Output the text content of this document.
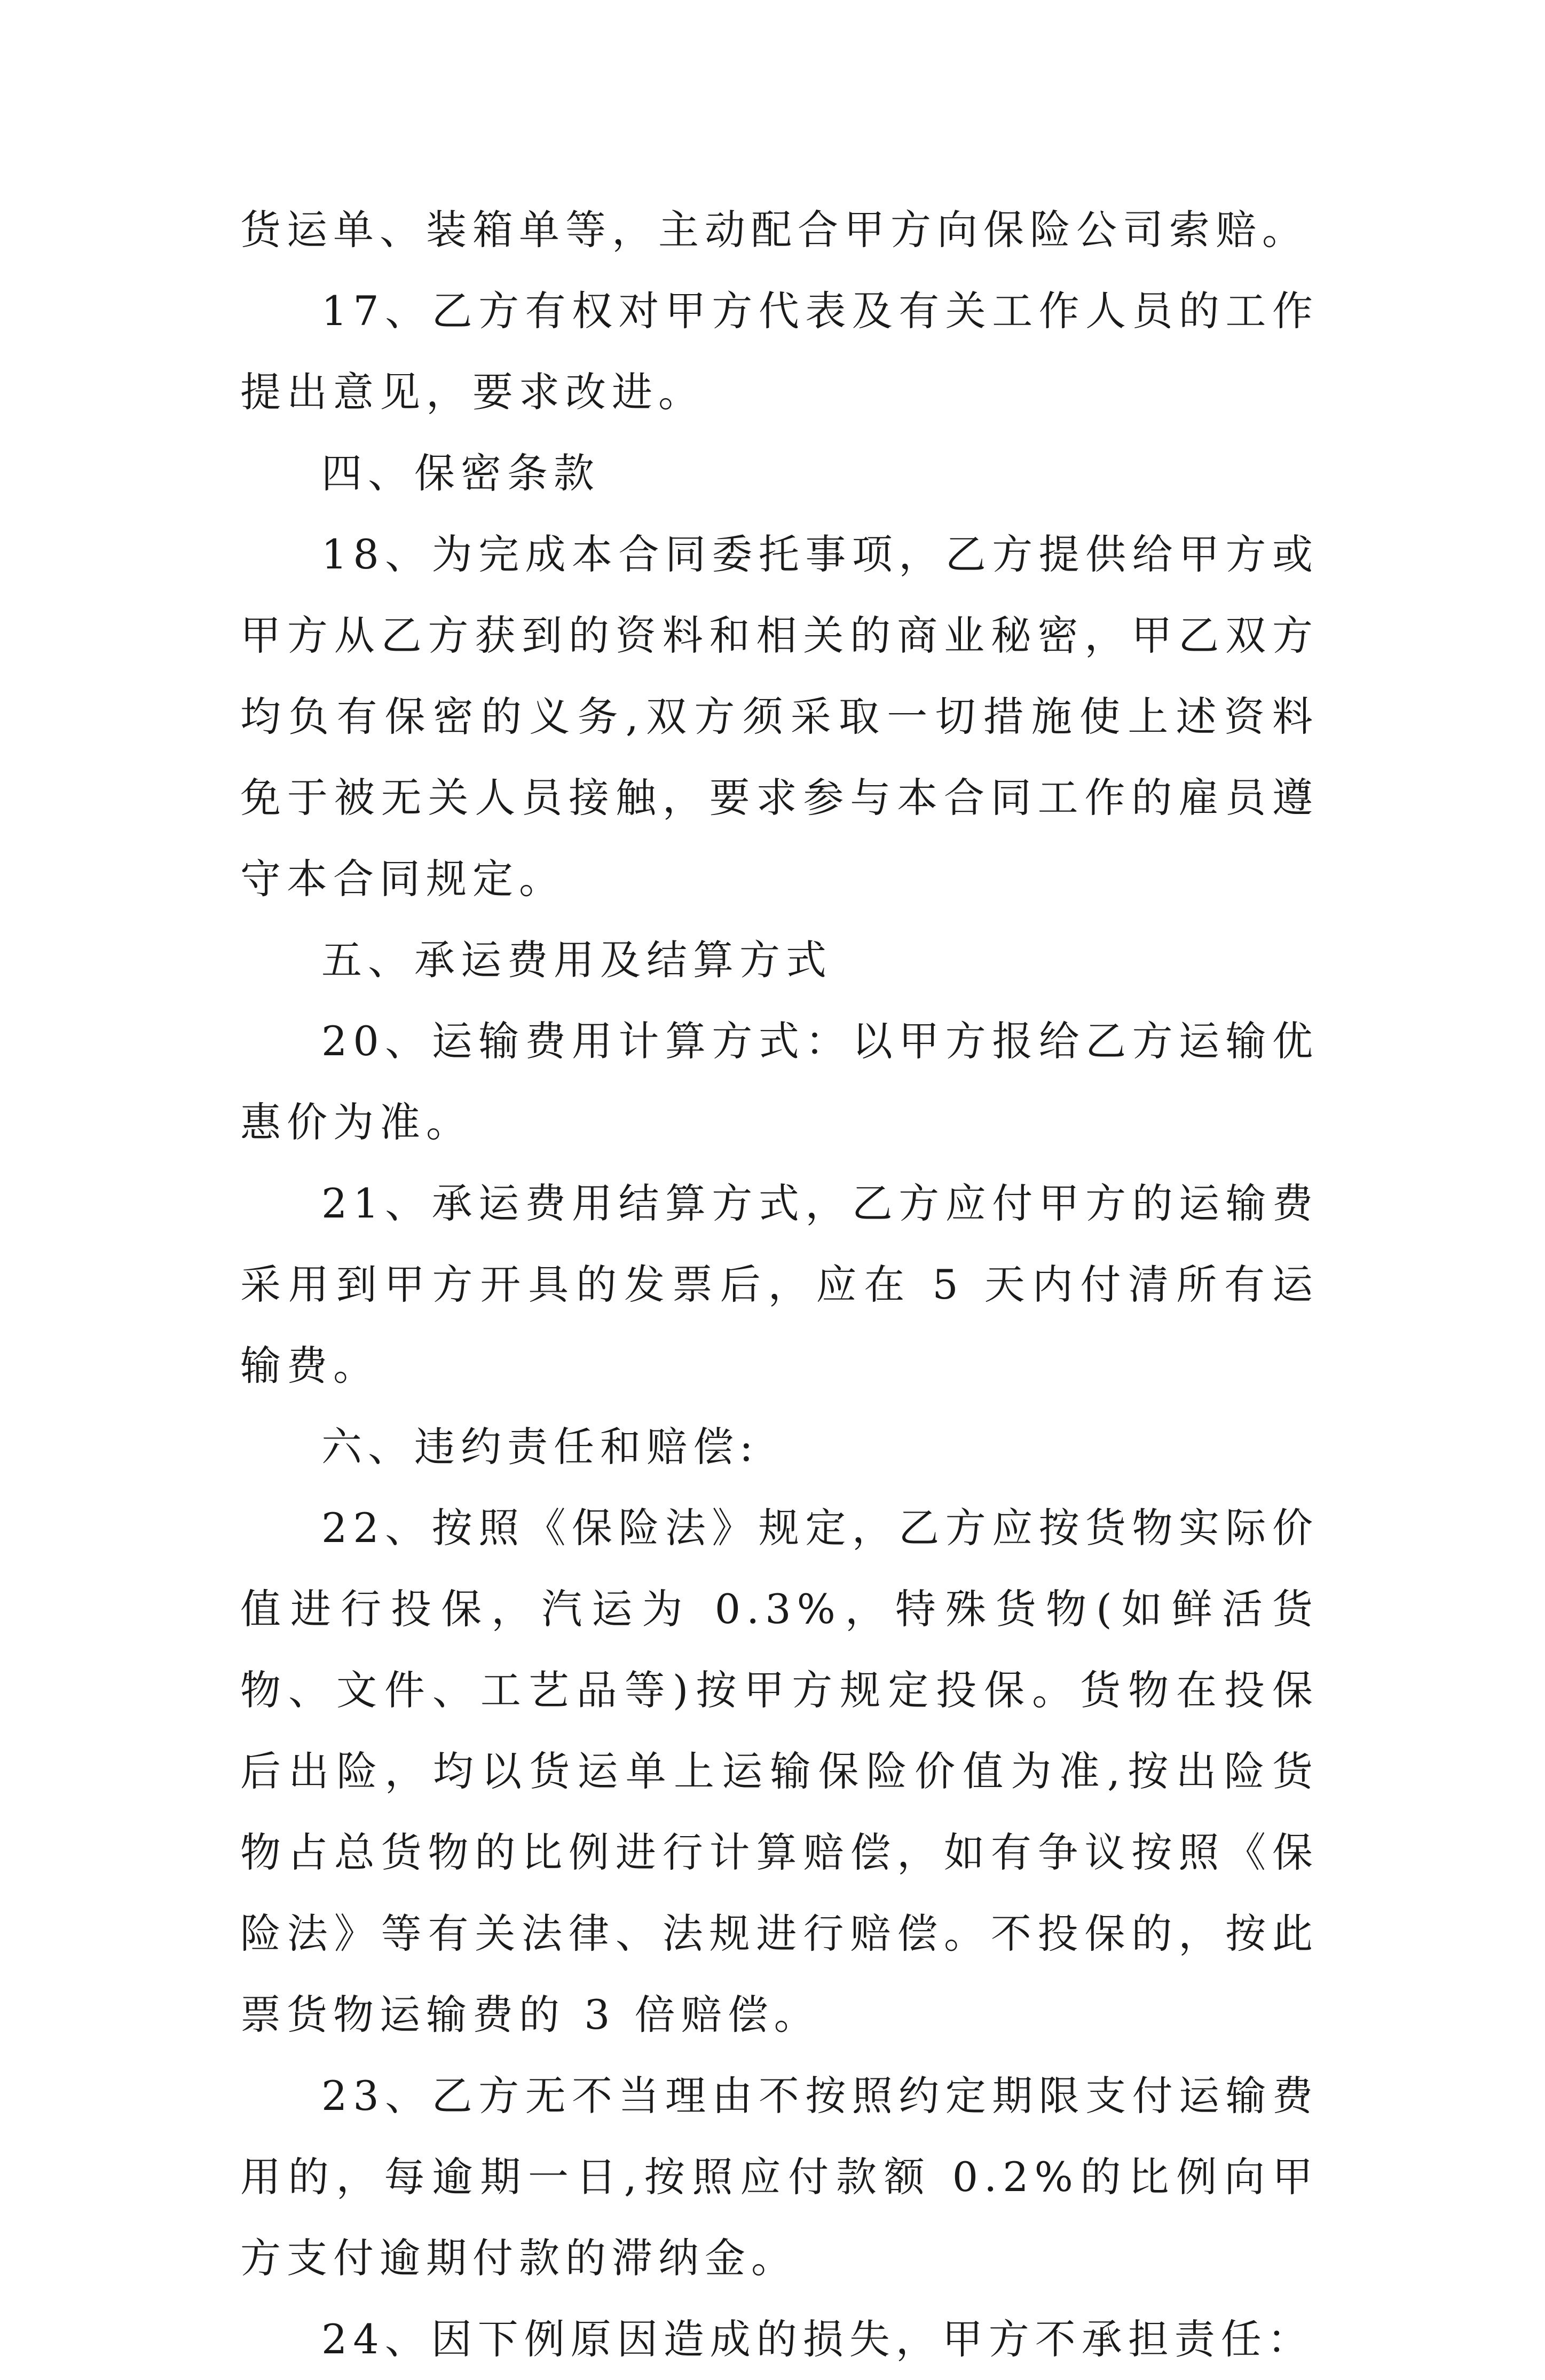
货运单、装箱单等，主动配合甲方向保险公司索赔。

17、乙方有权对甲方代表及有关工作人员的工作提出意见，要求改进。

四、保密条款

18、为完成本合同委托事项，乙方提供给甲方或甲方从乙方获到的资料和相关的商业秘密，甲乙双方均负有保密的义务,双方须采取一切措施使上述资料免于被无关人员接触，要求参与本合同工作的雇员遵守本合同规定。

五、承运费用及结算方式

20、运输费用计算方式：以甲方报给乙方运输优惠价为准。

21、承运费用结算方式，乙方应付甲方的运输费采用到甲方开具的发票后，应在 5 天内付清所有运输费。

六、违约责任和赔偿:

22、按照《保险法》规定，乙方应按货物实际价值进行投保，汽运为 0.3%，特殊货物(如鲜活货物、文件、工艺品等)按甲方规定投保。货物在投保后出险，均以货运单上运输保险价值为准,按出险货物占总货物的比例进行计算赔偿，如有争议按照《保险法》等有关法律、法规进行赔偿。不投保的，按此票货物运输费的 3 倍赔偿。

23、乙方无不当理由不按照约定期限支付运输费用的，每逾期一日,按照应付款额 0.2%的比例向甲方支付逾期付款的滞纳金。

24、因下例原因造成的损失，甲方不承担责任：
